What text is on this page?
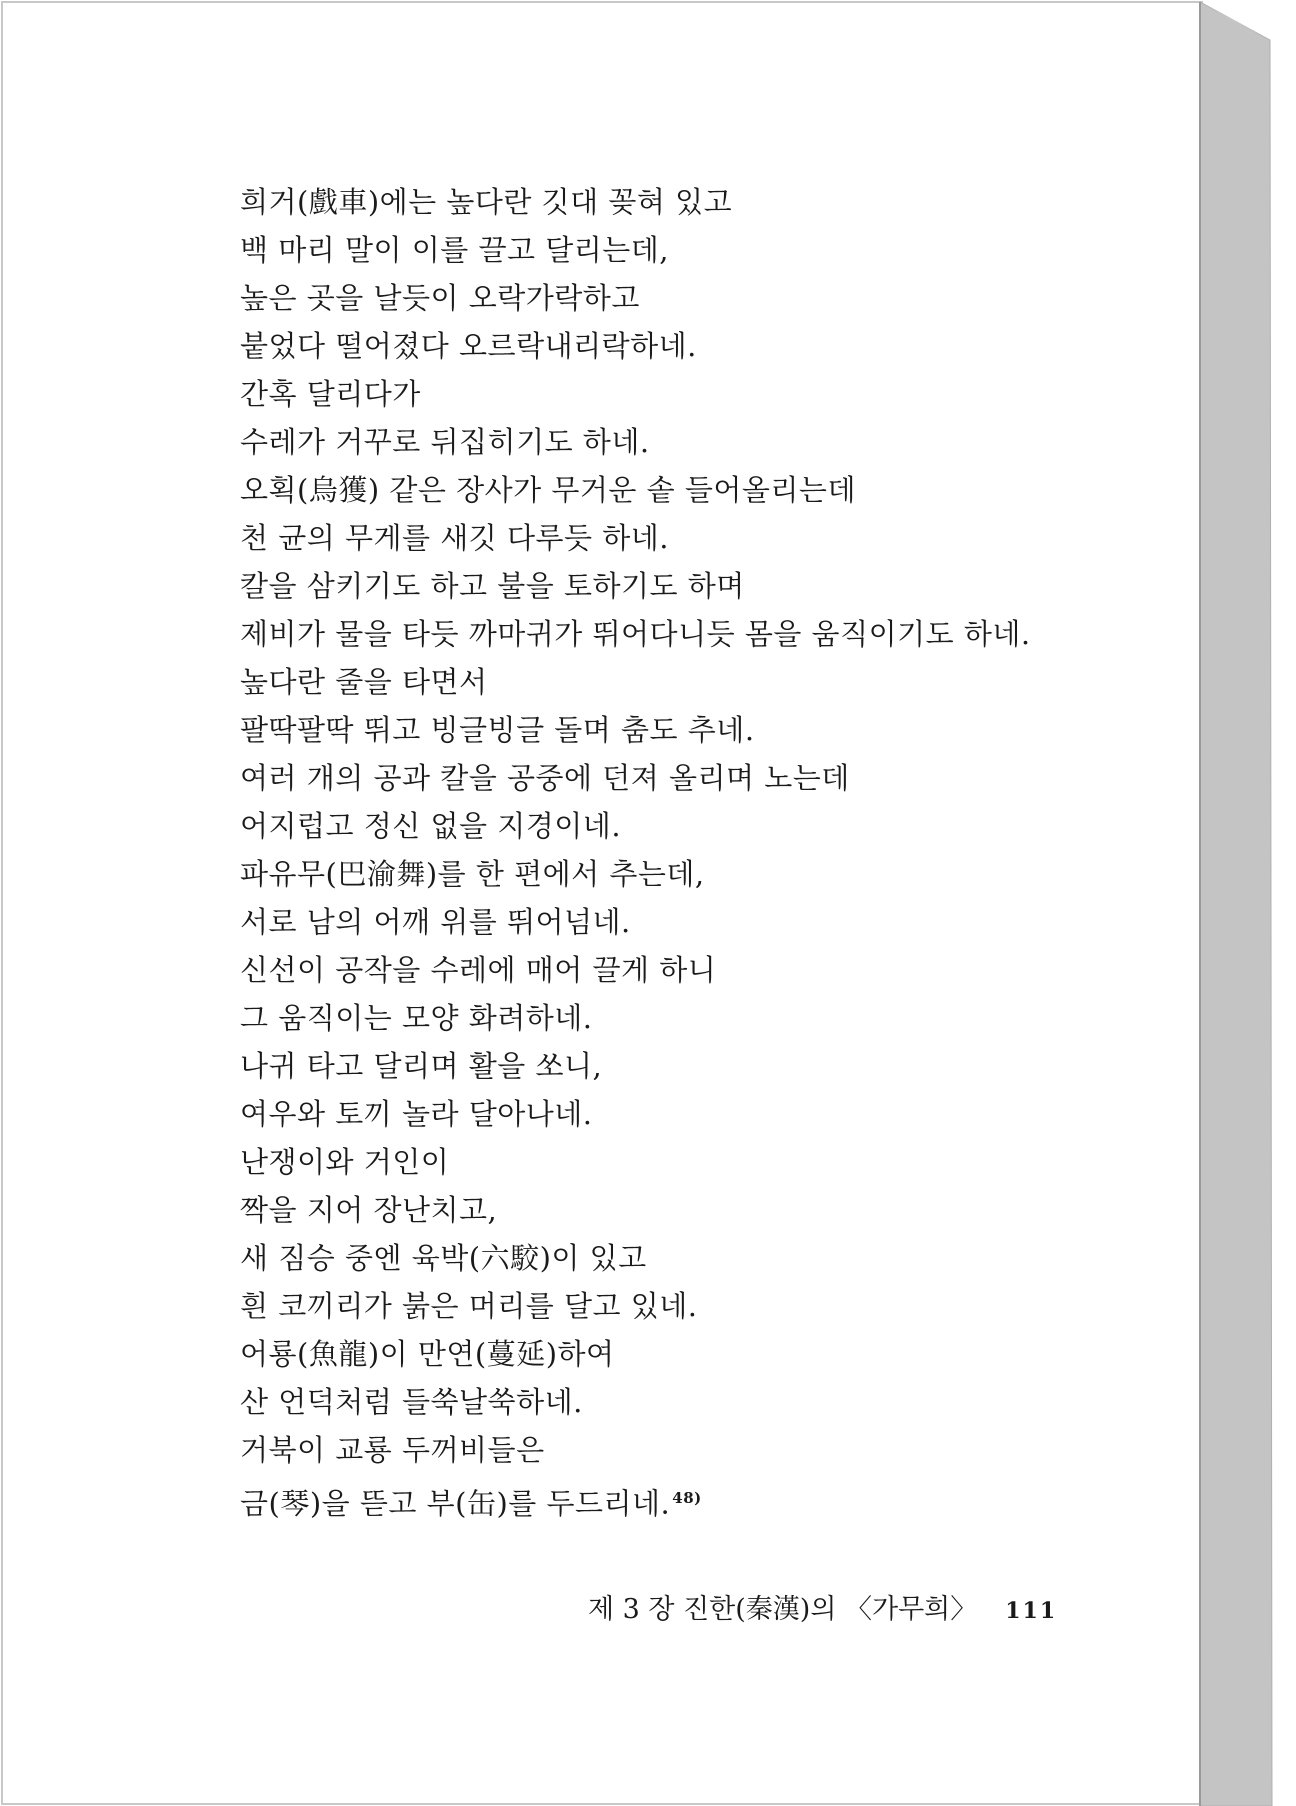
희거(戲車)에는 높다란 깃대 꽂혀 있고
백 마리 말이 이를 끌고 달리는데,
높은 곳을 날듯이 오락가락하고
붙었다 떨어졌다 오르락내리락하네.
간혹 달리다가
수레가 거꾸로 뒤집히기도 하네.
오획(烏獲) 같은 장사가 무거운 솥 들어올리는데
천 균의 무게를 새깃 다루듯 하네.
칼을 삼키기도 하고 불을 토하기도 하며
제비가 물을 타듯 까마귀가 뛰어다니듯 몸을 움직이기도 하네.
높다란 줄을 타면서
팔딱팔딱 뛰고 빙글빙글 돌며 춤도 추네.
여러 개의 공과 칼을 공중에 던져 올리며 노는데
어지럽고 정신 없을 지경이네.
파유무(巴渝舞)를 한 편에서 추는데,
서로 남의 어깨 위를 뛰어넘네.
신선이 공작을 수레에 매어 끌게 하니
그 움직이는 모양 화려하네.
나귀 타고 달리며 활을 쏘니,
여우와 토끼 놀라 달아나네.
난쟁이와 거인이
짝을 지어 장난치고,
새 짐승 중엔 육박(六駮)이 있고
흰 코끼리가 붉은 머리를 달고 있네.
어룡(魚龍)이 만연(蔓延)하여
산 언덕처럼 들쑥날쑥하네.
거북이 교룡 두꺼비들은
금(琴)을 뜯고 부(缶)를 두드리네. $^{48)}$
제 3 장 진한(秦漢)의 〈가무희〉 111
